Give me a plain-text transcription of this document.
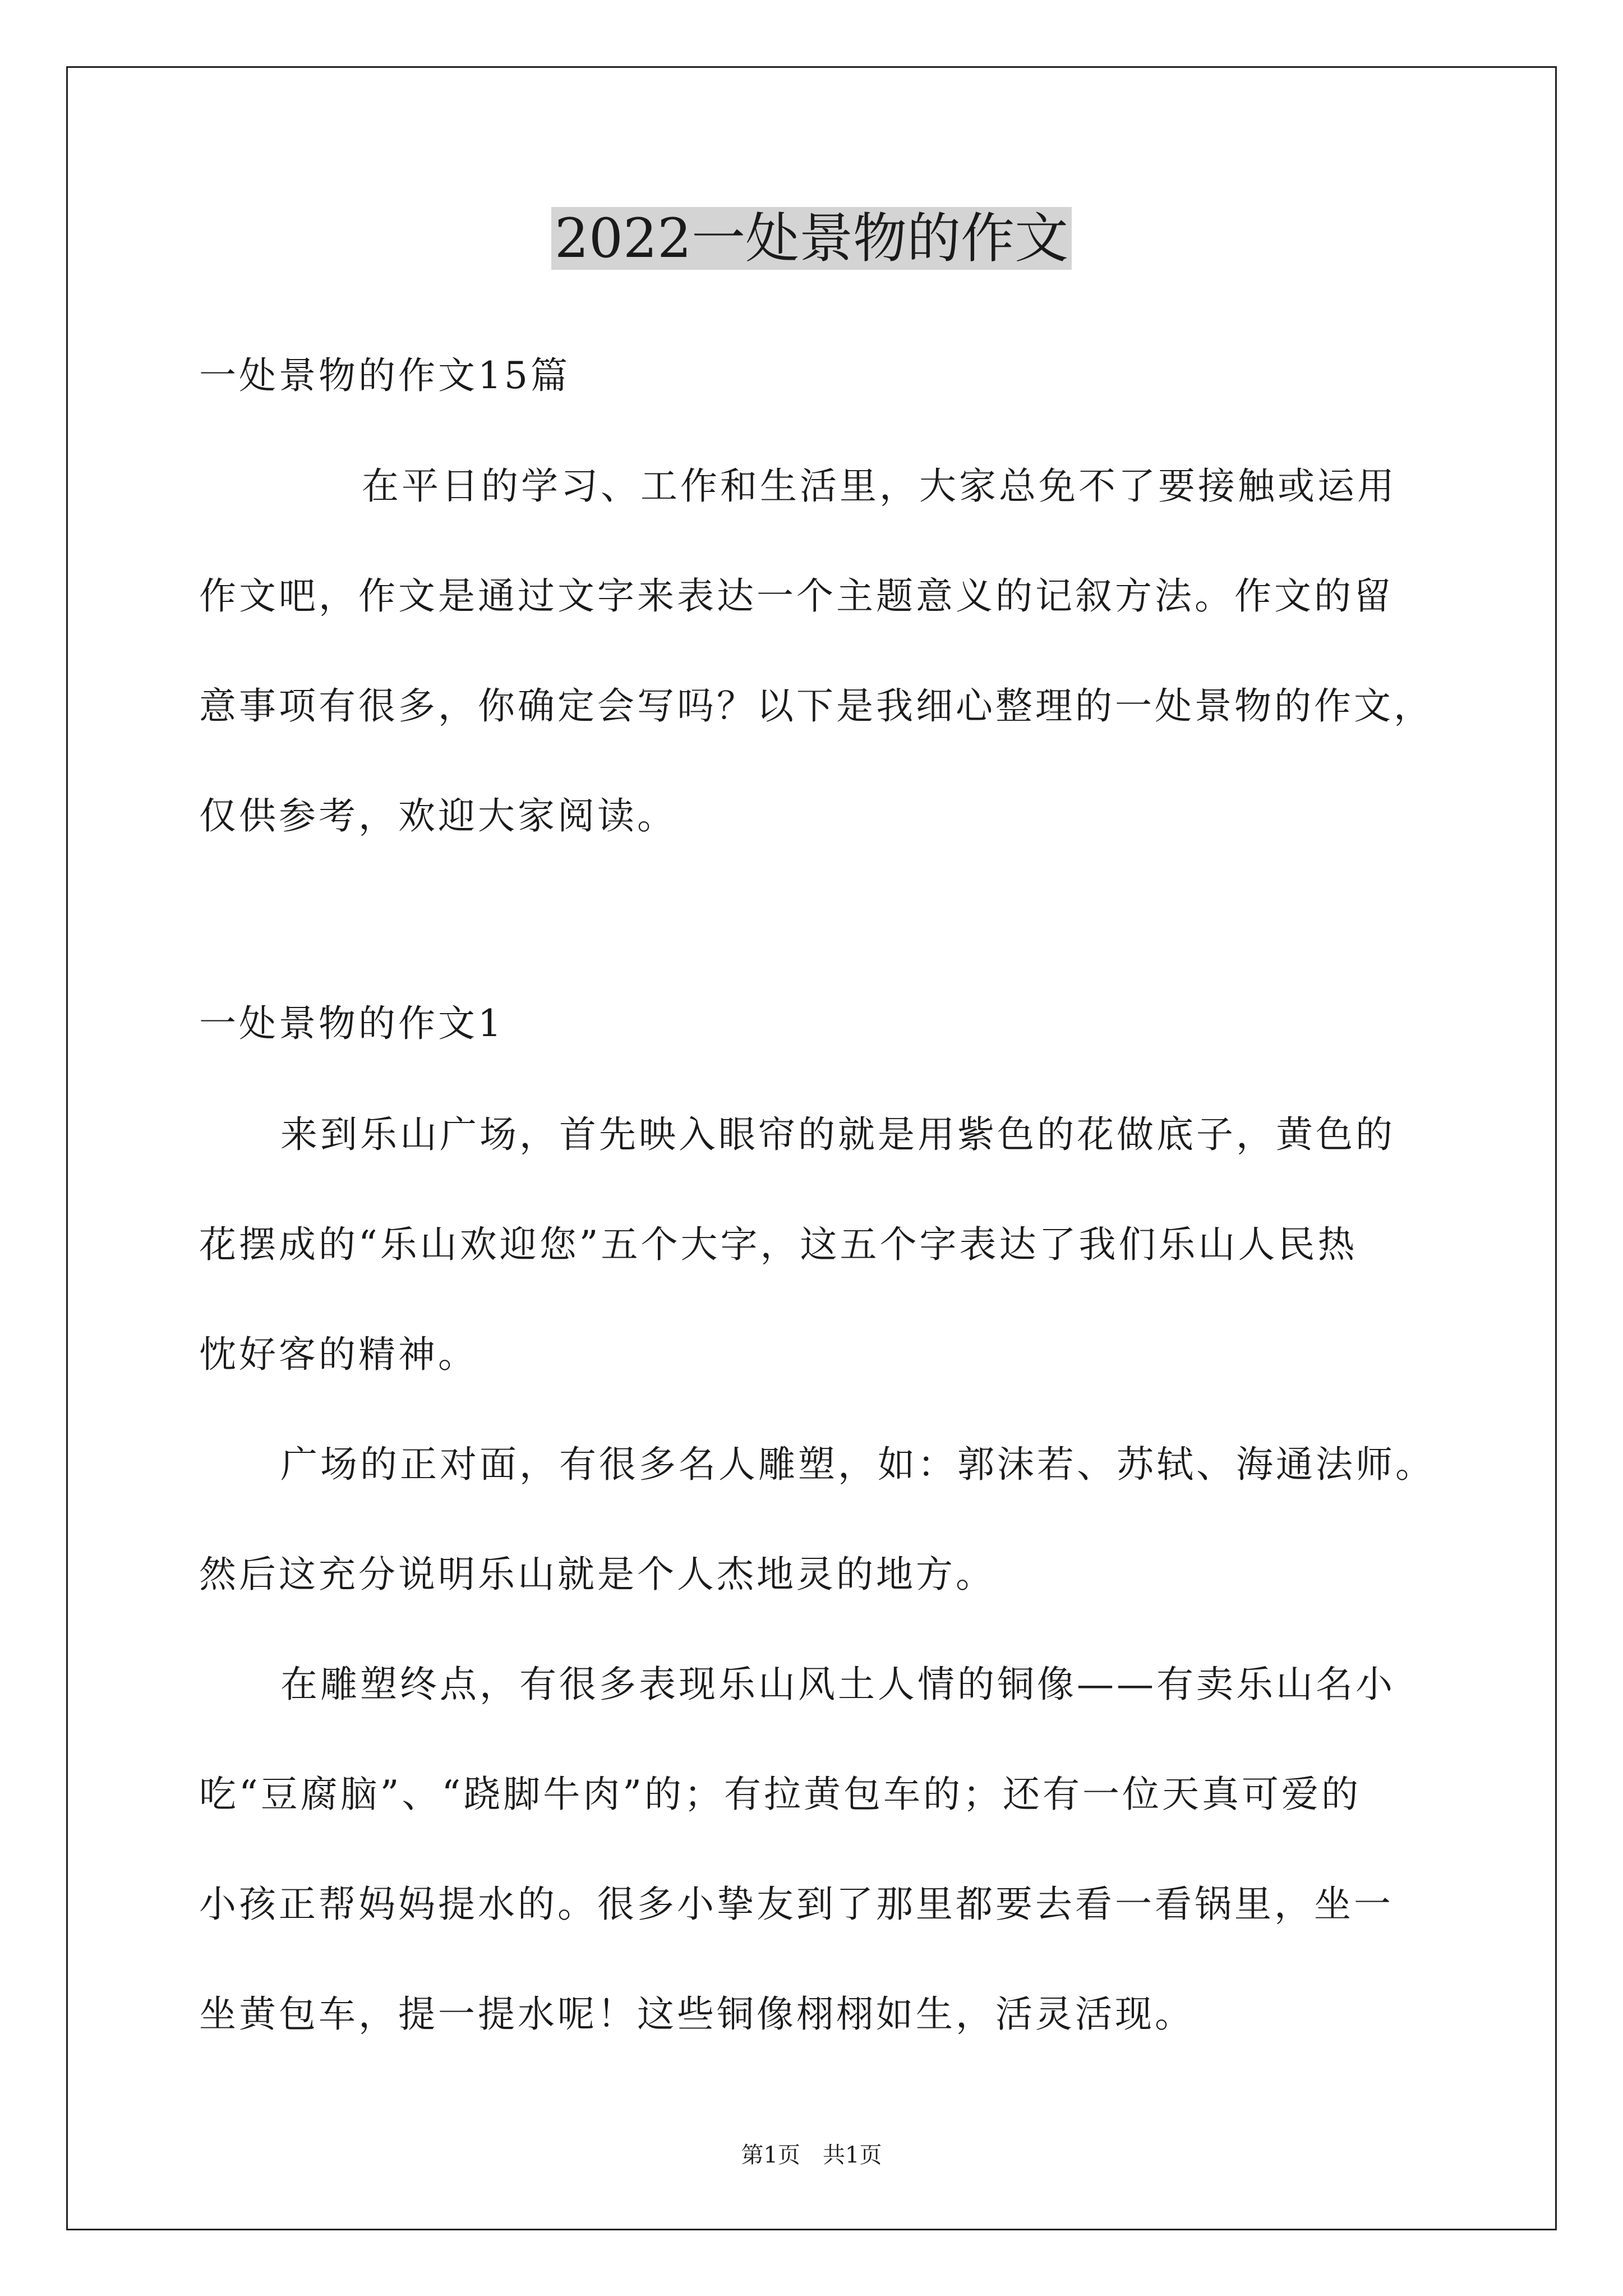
2022一处景物的作文
一处景物的作文15篇
在平日的学习、工作和生活里，大家总免不了要接触或运用
作文吧，作文是通过文字来表达一个主题意义的记叙方法。作文的留
意事项有很多，你确定会写吗？以下是我细心整理的一处景物的作文，
仅供参考，欢迎大家阅读。
一处景物的作文1
来到乐山广场，首先映入眼帘的就是用紫色的花做底子，黄色的
花摆成的“乐山欢迎您”五个大字，这五个字表达了我们乐山人民热
忱好客的精神。
广场的正对面，有很多名人雕塑，如：郭沫若、苏轼、海通法师。
然后这充分说明乐山就是个人杰地灵的地方。
在雕塑终点，有很多表现乐山风土人情的铜像——有卖乐山名小
吃“豆腐脑”、“跷脚牛肉”的；有拉黄包车的；还有一位天真可爱的
小孩正帮妈妈提水的。很多小挚友到了那里都要去看一看锅里，坐一
坐黄包车，提一提水呢！这些铜像栩栩如生，活灵活现。
第1页 共1页
